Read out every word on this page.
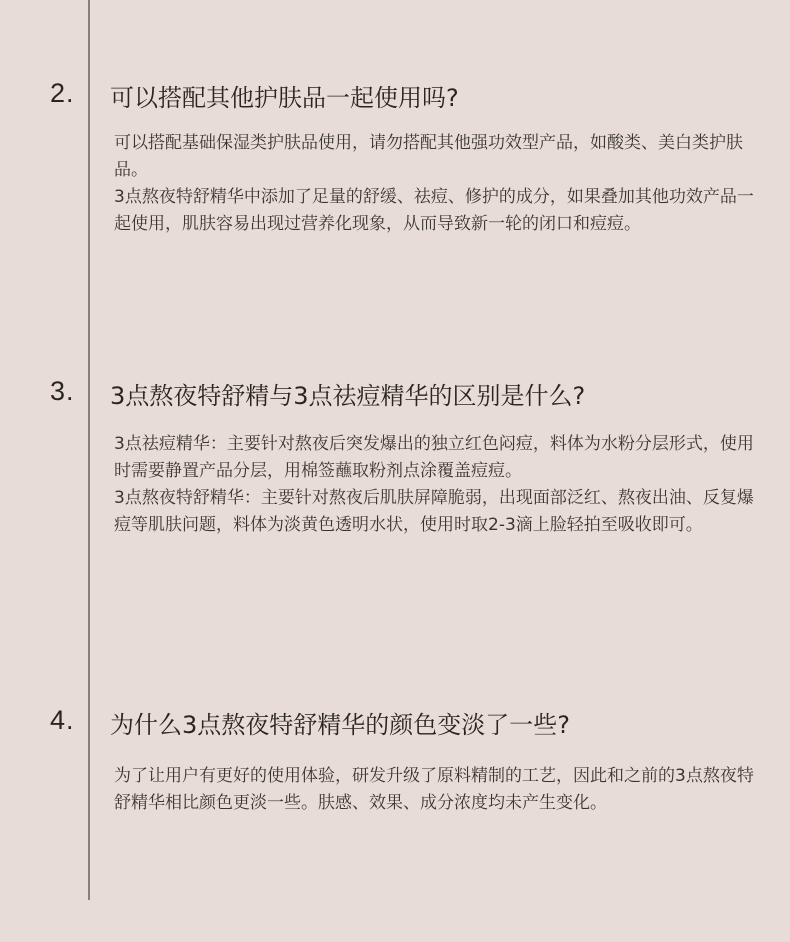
2. 可以搭配其他护肤品一起使用吗?

可以搭配基础保湿类护肤品使用，请勿搭配其他强功效型产品，如酸类、美白类护肤品。

3点熬夜特舒精华中添加了足量的舒缓、祛痘、修护的成分，如果叠加其他功效产品一起使用，肌肤容易出现过营养化现象，从而导致新一轮的闭口和痘痘。

3. 3点熬夜特舒精与3点祛痘精华的区别是什么?

3点祛痘精华：主要针对熬夜后突发爆出的独立红色闷痘，料体为水粉分层形式，使用时需要静置产品分层，用棉签蘸取粉剂点涂覆盖痘痘。

3点熬夜特舒精华：主要针对熬夜后肌肤屏障脆弱，出现面部泛红、熬夜出油、反复爆痘等肌肤问题，料体为淡黄色透明水状，使用时取2-3滴上脸轻拍至吸收即可。

4. 为什么3点熬夜特舒精华的颜色变淡了一些?

为了让用户有更好的使用体验，研发升级了原料精制的工艺，因此和之前的3点熬夜特舒精华相比颜色更淡一些。肤感、效果、成分浓度均未产生变化。
